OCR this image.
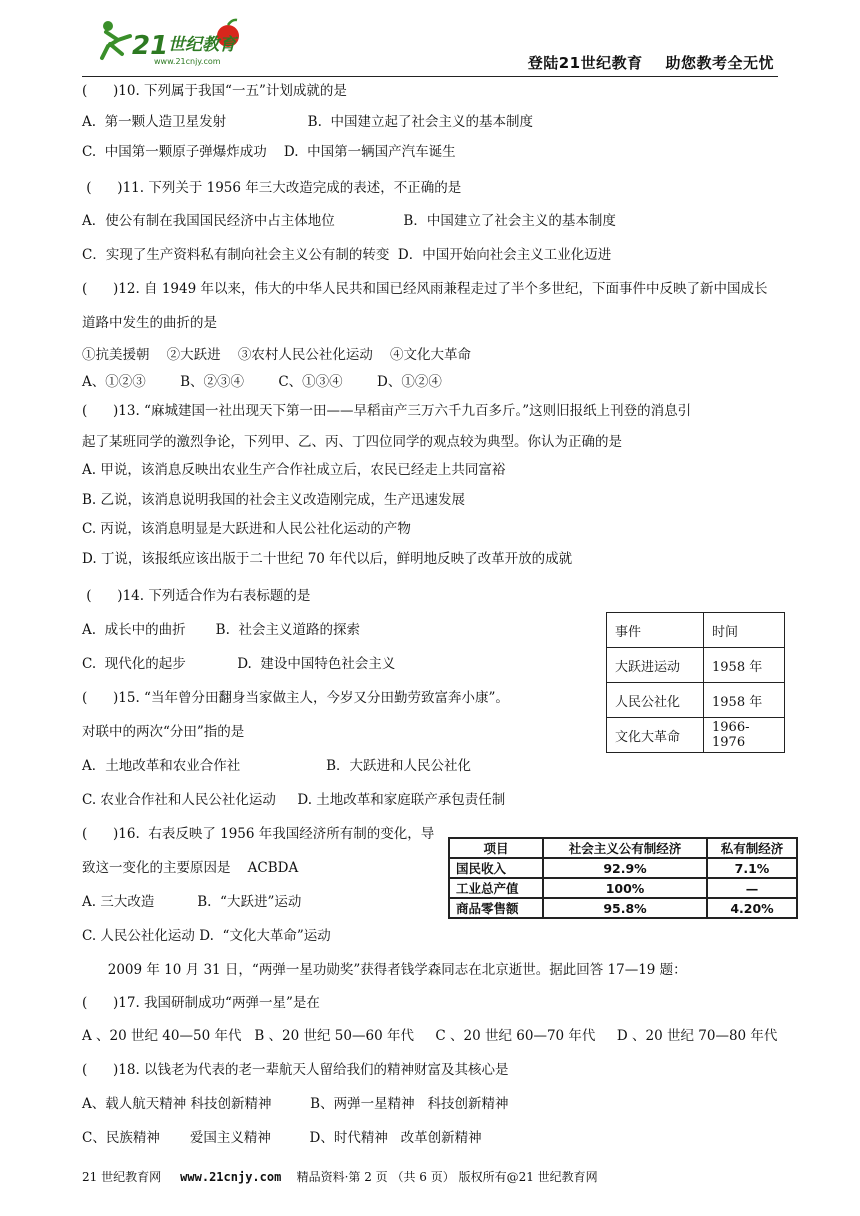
21 世纪教育
www.21cnjy.com	登陆21世纪教育    助您教考全无忧
(      )10. 下列属于我国“一五”计划成就的是
A.  第一颗人造卫星发射                   B.  中国建立起了社会主义的基本制度
C.  中国第一颗原子弹爆炸成功    D.  中国第一辆国产汽车诞生
(      )11. 下列关于 1956 年三大改造完成的表述，不正确的是
A．使公有制在我国国民经济中占主体地位                B．中国建立了社会主义的基本制度
C．实现了生产资料私有制向社会主义公有制的转变  D．中国开始向社会主义工业化迈进
(      )12. 自 1949 年以来，伟大的中华人民共和国已经风雨兼程走过了半个多世纪，下面事件中反映了新中国成长
道路中发生的曲折的是
①抗美援朝    ②大跃进    ③农村人民公社化运动    ④文化大革命
A、①②③        B、②③④        C、①③④        D、①②④
(      )13. “麻城建国一社出现天下第一田——早稻亩产三万六千九百多斤。”这则旧报纸上刊登的消息引
起了某班同学的激烈争论，下列甲、乙、丙、丁四位同学的观点较为典型。你认为正确的是
A. 甲说，该消息反映出农业生产合作社成立后，农民已经走上共同富裕
B. 乙说，该消息说明我国的社会主义改造刚完成，生产迅速发展
C. 丙说，该消息明显是大跃进和人民公社化运动的产物
D. 丁说，该报纸应该出版于二十世纪 70 年代以后，鲜明地反映了改革开放的成就
(      )14. 下列适合作为右表标题的是
A.  成长中的曲折       B.  社会主义道路的探索
C.  现代化的起步            D.  建设中国特色社会主义
(      )15. “当年曾分田翻身当家做主人，今岁又分田勤劳致富奔小康”。
对联中的两次“分田”指的是
A．土地改革和农业合作社                    B．大跃进和人民公社化
C. 农业合作社和人民公社化运动     D. 土地改革和家庭联产承包责任制
(      )16.  右表反映了 1956 年我国经济所有制的变化，导
致这一变化的主要原因是    ACBDA
A. 三大改造          B.  “大跃进”运动
C. 人民公社化运动 D.  “文化大革命”运动
2009 年 10 月 31 日，“两弹一星功勋奖”获得者钱学森同志在北京逝世。据此回答 17—19 题：
(      )17. 我国研制成功“两弹一星”是在
A 、20 世纪 40—50 年代   B 、20 世纪 50—60 年代     C 、20 世纪 60—70 年代     D 、20 世纪 70—80 年代
(      )18. 以钱老为代表的老一辈航天人留给我们的精神财富及其核心是
A、载人航天精神 科技创新精神         B、两弹一星精神   科技创新精神
C、民族精神       爱国主义精神         D、时代精神   改革创新精神
事件	时间
大跃进运动	1958 年
人民公社化	1958 年
文化大革命	1966-1976
项目	社会主义公有制经济	私有制经济
国民收入	92.9%	7.1%
工业总产值	100%	—
商品零售额	95.8%	4.20%
21 世纪教育网 www.21cnjy.com 精品资料·第 2 页 （共 6 页） 版权所有@21 世纪教育网
